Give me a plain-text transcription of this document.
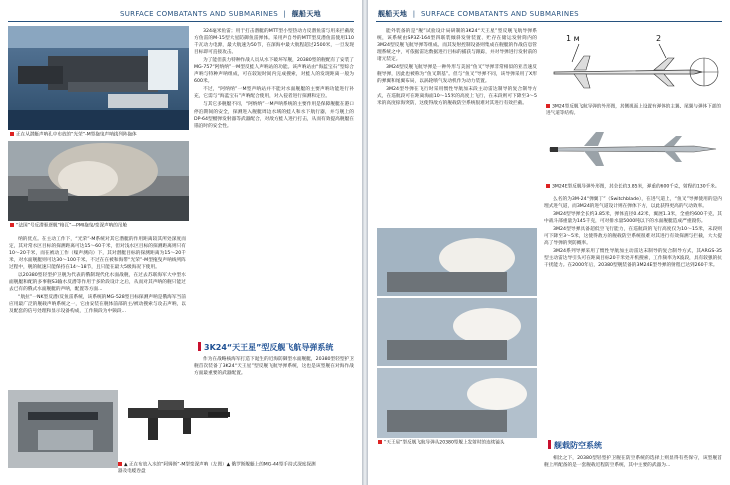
SURFACE COMBATANTS AND SUBMARINES | 舰船天地
正在从潜艇声呐孔中布放的“光荣”-M型拖曳声呐线列阵拖体
“法国”号反潜驱逐舰“格瓦”—PMI拖曳/变深声呐的吊舱

纳的优点。在主动工作下，“光荣”-M系统对其它潜艇的作用距离较其所处深度而定，其对常水区目标的探测距离可达15～60千米，但对浅水区目标的探测距离则只有10～20千米，而在被动工作（噪声测向）下，其对潜艇目标的探测距离为15～20千米，对水面舰艇则可达30～100千米。不过在在被和海带“光荣”-M型拖曳声呐线列阵过程中，舰的航速只能保持在14～18节，且只能在最大5级海况下使用。

以20380型轻型护卫舰为代表的俄制现代化水面战舰，在过去苏联海军大中型水面舰艇和配的多事舰S3输水反潜等作用于多阶段设计之后，从而对其声呐的舰只能过去已有的俄式水面舰艇的声呐，配置等方面...

“航拉”一NK型反潜/反鱼雷系统，该系统的MG-528型目标探测声呐是俄海军当前应用最广泛的舰载声呐系统之一，它由安装在舰体前部的主/被动搜索与攻击声呐，以及配套的信号处理和显示设备构成，工作频段为中频段...

▲ 正在布放入水的“阿姆斯”-M型变深声呐（左图）▲ 俄罗斯舰艇上的MG-44型手持式深度探测器及电缆卷盘

324毫米鱼雷；用于打击潜艇的MTT型小型热动力反潜鱼雷与用来拦截敌方鱼雷的M-15型大星防御鱼雷弹体。采用声自导的MTT型反潜鱼雷使用110千瓦动力电源，最大航速为50节，在深海中最大航程超过2500米，一旦发现目标即可直接攻击。

为了能但获力特种作战人员从水下破坏军舰，20380型的舰配有了安装了MG-757“阿纳纳”一M型反蛙人声呐站的功能。该声呐站由“海蓝宝石”型综合声呐与特种声呐组成，可在较短时间内完成搜索，对蛙人的发现距离一般为600米。

不过，“阿纳纳”一M型声呐站并不能对水面舰艇的主要声呐功能进行补充，它需与“海蓝宝石”声呐配合使用，对入侵者进行探测和定位。

与其它多舰艇不同，“阿纳纳”一M声呐系统的主要作用是保障舰艇在港口停泊期间的安全，探测进入舰艇周边水域的蛙人和水下航行器，并与舰上的DP-64型榴弹发射器等武器配合，对敌方蛙人进行打击，从而有效提高舰艇在锚泊时的安全性。

3K24“天王星”型反舰飞航导弹系统

作为在战略核海军打造下诞生的近海防御型水面舰艇，20380型轻型护卫舰首次装备了3K24“天王星”型反舰飞航导弹系统，这也是该型舰在对海作战方面最重要的武器配置。

舰船天地 | SURFACE COMBATANTS AND SUBMARINES

能外装备的是“舰”试验设计局研制的3K24“天王星”型反舰飞航导弹系统，该系统由SP3Z-164型四联装倾斜发射装置、贮存在储运发射筒内的3M24型反舰飞航导弹等组成。而其发射控制设备则集成在舰艇的作战信息管理系统之中，可依据雷达数据进行目标的捕获与跟踪，并对导弹进行发射前的诸元装定。

3M24型反舰飞航导弹是一种外形与美国“鱼叉”导弹非常相似的亚音速反舰导弹，因此也被称为“鱼叉斯基”。但与“鱼叉”导弹不同，该导弹采用了X形的弹翼和尾翼布局，以涡轮喷气发动机作为动力装置。

3M24型导弹在飞行时采用惯性导航加末段主动雷达制导的复合制导方式，在巡航段可在距离海面10～15米的高度上飞行，在末段则可下降至3～5米的高度掠海突防，这使得敌方的舰载防空系统很难对其进行有效拦截。

1 м	2
3M24型反舰飞航导弹的外形图，其侧视面上设置有弹体的主翼、尾翼与弹体下部的进气道等结构。
3M24E型反舰导弹外形图，其全长约3.85米，弹重约600千克，射程约130千米。
“天王星”型反舰飞航导弹从20380型舰上发射时的连续镜头

么名的为3M-24“弹翼丁”（Switchblade），在进气道上，“鱼叉”导弹使用的是内埋式进气道，而3M24的进气道设计则在弹体下方，以此获得更高的气动效率。

3M24型导弹全长约3.85米，弹体直径0.42米，翼展1.3米，全重约600千克，其中战斗部重量为145千克，可对排水量5000吨以下的水面舰艇造成严重毁伤。

3M24型导弹具备超低空飞行能力，在巡航段的飞行高度仅为10～15米，末段则可下降至3～5米，这使得敌方的舰载防空系统很难对其进行有效探测与拦截，大大提高了导弹的突防概率。

3M24系列导弹采用了惯性导航加主动雷达末制导的复合制导方式，其ARGS-35型主动雷达导引头可在距离目标20千米处开机搜索，工作频率为X波段，具有较强的抗干扰能力。在2000年后，20380型舰装备的3M24E型导弹的射程已达到260千米。

舰载防空系统

相比之下，20380型轻型护卫舰在防空系统的选择上则显得有些保守，该型舰首舰上所配备的是一套舰载近程防空系统，其中主要的武器为...
